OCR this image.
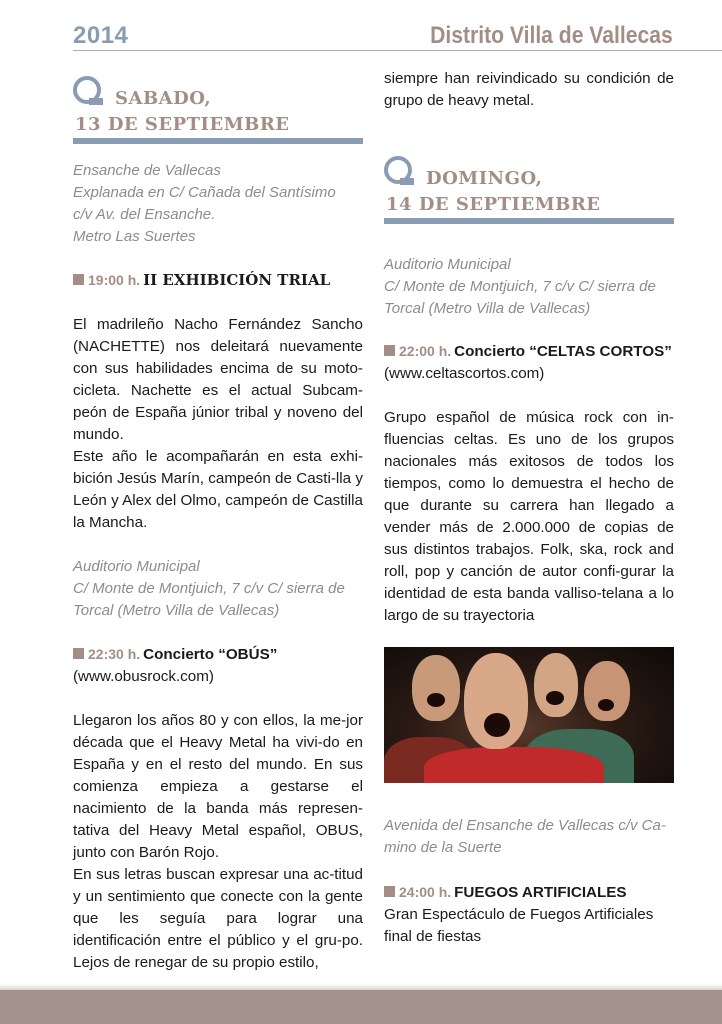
2014	Distrito Villa de Vallecas
SABADO,
13 DE SEPTIEMBRE
Ensanche de Vallecas
Explanada en C/ Cañada del Santísimo
c/v Av. del Ensanche.
Metro Las Suertes
19:00 h. II EXHIBICIÓN TRIAL
El madrileño Nacho Fernández Sancho (NACHETTE) nos deleitará nuevamente con sus habilidades encima de su moto-cicleta. Nachette es el actual Subcam-peón de España júnior tribal y noveno del mundo.
Este año le acompañarán en esta exhi-bición Jesús Marín, campeón de Casti-lla y León y Alex del Olmo, campeón de Castilla la Mancha.
Auditorio Municipal
C/ Monte de Montjuich, 7 c/v C/ sierra de
Torcal (Metro Villa de Vallecas)
22:30 h. Concierto “OBÚS”
(www.obusrock.com)
Llegaron los años 80 y con ellos, la me-jor década que el Heavy Metal ha vivi-do en España y en el resto del mundo. En sus comienza empieza a gestarse el nacimiento de la banda más represen-tativa del Heavy Metal español, OBUS, junto con Barón Rojo.
En sus letras buscan expresar una ac-titud y un sentimiento que conecte con la gente que les seguía para lograr una identificación entre el público y el gru-po. Lejos de renegar de su propio estilo,
siempre han reivindicado su condición de grupo de heavy metal.
DOMINGO,
14 DE SEPTIEMBRE
Auditorio Municipal
C/ Monte de Montjuich, 7 c/v C/ sierra de
Torcal (Metro Villa de Vallecas)
22:00 h. Concierto “CELTAS CORTOS”
(www.celtascortos.com)
Grupo español de música rock con in-fluencias celtas. Es uno de los grupos nacionales más exitosos de todos los tiempos, como lo demuestra el hecho de que durante su carrera han llegado a vender más de 2.000.000 de copias de sus distintos trabajos. Folk, ska, rock and roll, pop y canción de autor confi-gurar la identidad de esta banda valliso-telana a lo largo de su trayectoria
Avenida del Ensanche de Vallecas c/v Ca-
mino de la Suerte
24:00 h. FUEGOS ARTIFICIALES
Gran Espectáculo de Fuegos Artificiales
final de fiestas
